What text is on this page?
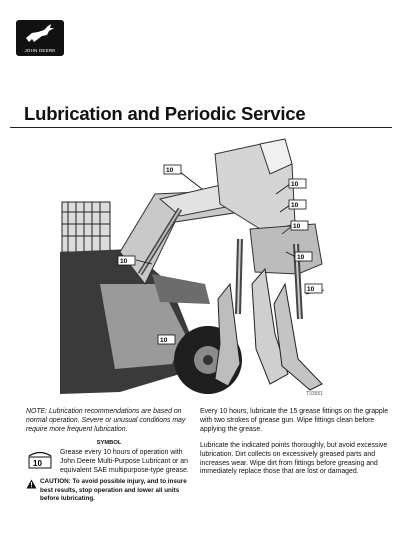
JOHN DEERE
Lubrication and Periodic Service
10
10
10
10
10
10
10
10
T33551

NOTE: Lubrication recommendations are based on normal operation. Severe or unusual conditions may require more frequent lubrication.

SYMBOL
10

Grease every 10 hours of operation with John Deere Multi-Purpose Lubricant or an equivalent SAE multipurpose-type grease.

CAUTION: To avoid possible injury, and to insure best results, stop operation and lower all units before lubricating.

Every 10 hours, lubricate the 15 grease fittings on the grapple with two strokes of grease gun. Wipe fittings clean before applying the grease.

Lubricate the indicated points thoroughly, but avoid excessive lubrication. Dirt collects on excessively greased parts and increases wear. Wipe dirt from fittings before greasing and immediately replace those that are lost or damaged.
